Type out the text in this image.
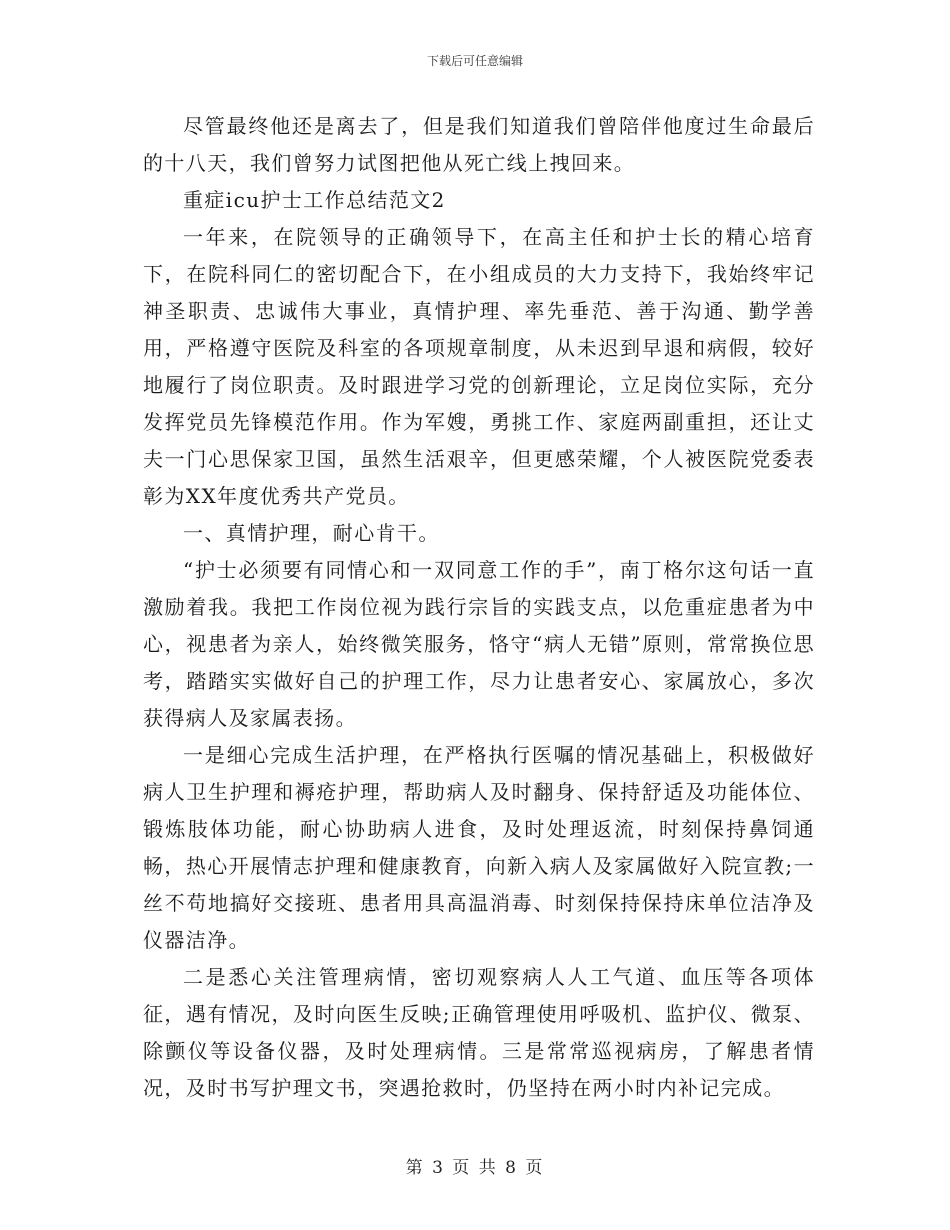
下载后可任意编辑

尽管最终他还是离去了，但是我们知道我们曾陪伴他度过生命最后的十八天，我们曾努力试图把他从死亡线上拽回来。

重症icu护士工作总结范文2

一年来，在院领导的正确领导下，在高主任和护士长的精心培育下，在院科同仁的密切配合下，在小组成员的大力支持下，我始终牢记神圣职责、忠诚伟大事业，真情护理、率先垂范、善于沟通、勤学善用，严格遵守医院及科室的各项规章制度，从未迟到早退和病假，较好地履行了岗位职责。及时跟进学习党的创新理论，立足岗位实际，充分发挥党员先锋模范作用。作为军嫂，勇挑工作、家庭两副重担，还让丈夫一门心思保家卫国，虽然生活艰辛，但更感荣耀，个人被医院党委表彰为XX年度优秀共产党员。

一、真情护理，耐心肯干。

“护士必须要有同情心和一双同意工作的手”，南丁格尔这句话一直激励着我。我把工作岗位视为践行宗旨的实践支点，以危重症患者为中心，视患者为亲人，始终微笑服务，恪守“病人无错”原则，常常换位思考，踏踏实实做好自己的护理工作，尽力让患者安心、家属放心，多次获得病人及家属表扬。

一是细心完成生活护理，在严格执行医嘱的情况基础上，积极做好病人卫生护理和褥疮护理，帮助病人及时翻身、保持舒适及功能体位、锻炼肢体功能，耐心协助病人进食，及时处理返流，时刻保持鼻饲通畅，热心开展情志护理和健康教育，向新入病人及家属做好入院宣教;一丝不苟地搞好交接班、患者用具高温消毒、时刻保持保持床单位洁净及仪器洁净。

二是悉心关注管理病情，密切观察病人人工气道、血压等各项体征，遇有情况，及时向医生反映;正确管理使用呼吸机、监护仪、微泵、除颤仪等设备仪器，及时处理病情。三是常常巡视病房，了解患者情况，及时书写护理文书，突遇抢救时，仍坚持在两小时内补记完成。

第 3 页 共 8 页
